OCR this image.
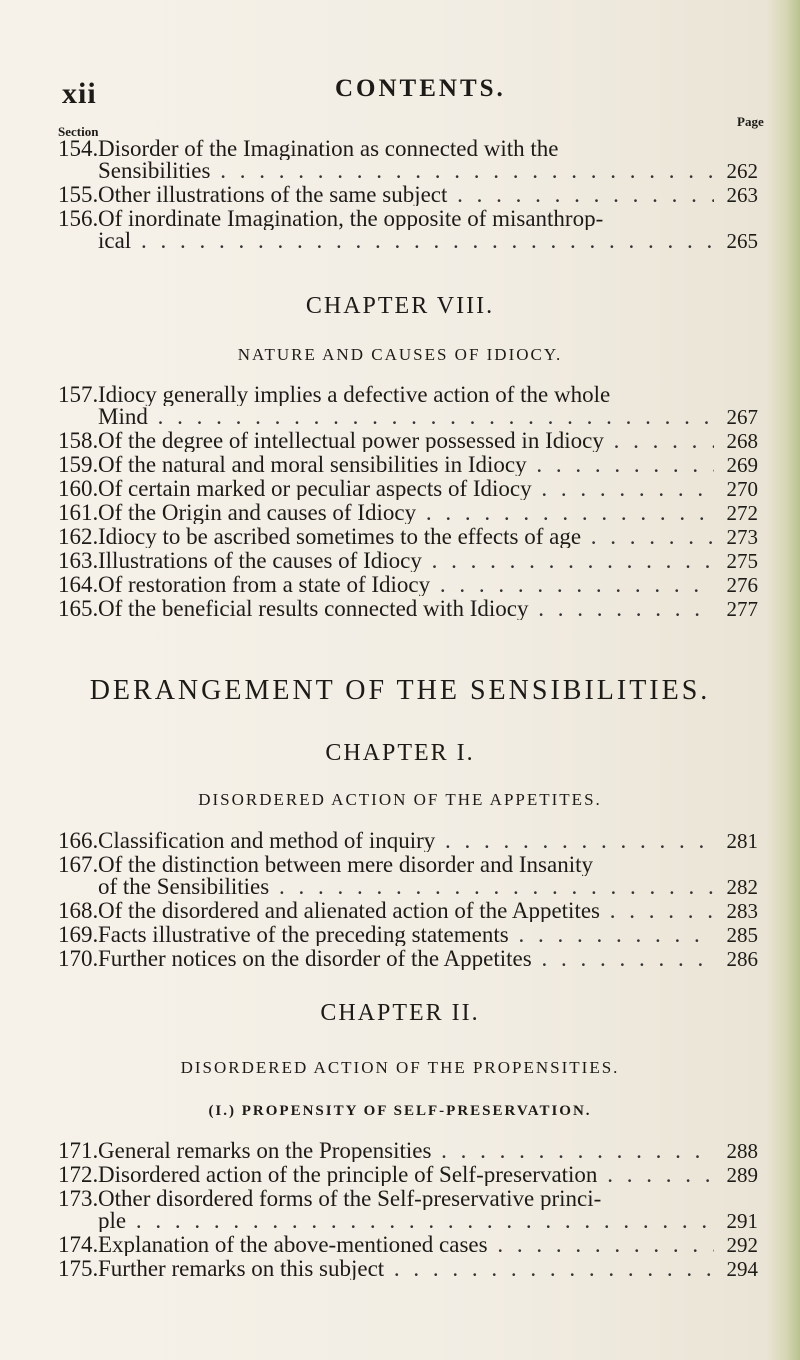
xii	CONTENTS.
Section
Page
154. Disorder of the Imagination as connected with the
Sensibilities . . .	262
155. Other illustrations of the same subject . . .	263
156. Of inordinate Imagination, the opposite of misanthrop-
ical . . .	265
CHAPTER VIII.
NATURE AND CAUSES OF IDIOCY.
157. Idiocy generally implies a defective action of the whole
Mind . . .	267
158. Of the degree of intellectual power possessed in Idiocy . . .	268
159. Of the natural and moral sensibilities in Idiocy . . .	269
160. Of certain marked or peculiar aspects of Idiocy . . .	270
161. Of the Origin and causes of Idiocy . . .	272
162. Idiocy to be ascribed sometimes to the effects of age . . .	273
163. Illustrations of the causes of Idiocy . . .	275
164. Of restoration from a state of Idiocy . . .	276
165. Of the beneficial results connected with Idiocy . . .	277
DERANGEMENT OF THE SENSIBILITIES.
CHAPTER I.
DISORDERED ACTION OF THE APPETITES.
166. Classification and method of inquiry . . .	281
167. Of the distinction between mere disorder and Insanity
of the Sensibilities . . .	282
168. Of the disordered and alienated action of the Appetites . . .	283
169. Facts illustrative of the preceding statements . . .	285
170. Further notices on the disorder of the Appetites . . .	286
CHAPTER II.
DISORDERED ACTION OF THE PROPENSITIES.
(I.) PROPENSITY OF SELF-PRESERVATION.
171. General remarks on the Propensities . . .	288
172. Disordered action of the principle of Self-preservation . . .	289
173. Other disordered forms of the Self-preservative princi-
ple . . .	291
174. Explanation of the above-mentioned cases . . .	292
175. Further remarks on this subject . . .	294
